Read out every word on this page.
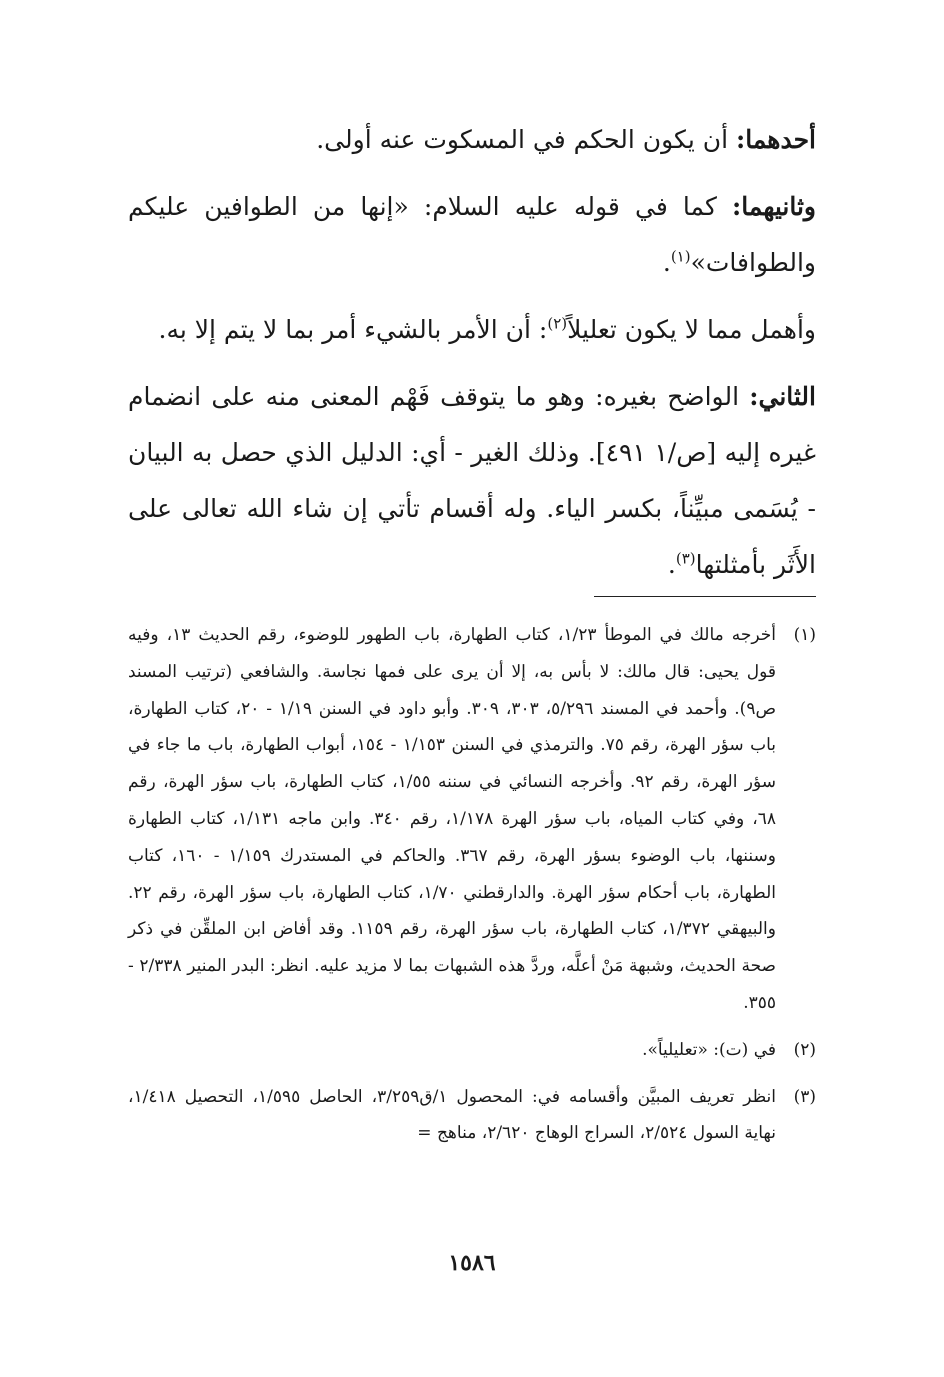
أحدهما: أن يكون الحكم في المسكوت عنه أولى.

وثانيهما: كما في قوله عليه السلام: «إنها من الطوافين عليكم والطوافات»$^{(١)}$.

وأهمل مما لا يكون تعليلاً$^{(٢)}$: أن الأمر بالشيء أمر بما لا يتم إلا به.

الثاني: الواضح بغيره: وهو ما يتوقف فَهْم المعنى منه على انضمام غيره إليه [ص/١ ٤٩١]. وذلك الغير - أي: الدليل الذي حصل به البيان - يُسَمى مبيِّناً، بكسر الياء. وله أقسام تأتي إن شاء الله تعالى على الأَثَر بأمثلتها$^{(٣)}$.

(١)
أخرجه مالك في الموطأ ١/٢٣، كتاب الطهارة، باب الطهور للوضوء، رقم الحديث ١٣، وفيه قول يحيى: قال مالك: لا بأس به، إلا أن يرى على فمها نجاسة. والشافعي (ترتيب المسند ص٩). وأحمد في المسند ٥/٢٩٦، ٣٠٣، ٣٠٩. وأبو داود في السنن ١/١٩ - ٢٠، كتاب الطهارة، باب سؤر الهرة، رقم ٧٥. والترمذي في السنن ١/١٥٣ - ١٥٤، أبواب الطهارة، باب ما جاء في سؤر الهرة، رقم ٩٢. وأخرجه النسائي في سننه ١/٥٥، كتاب الطهارة، باب سؤر الهرة، رقم ٦٨، وفي كتاب المياه، باب سؤر الهرة ١/١٧٨، رقم ٣٤٠. وابن ماجه ١/١٣١، كتاب الطهارة وسننها، باب الوضوء بسؤر الهرة، رقم ٣٦٧. والحاكم في المستدرك ١/١٥٩ - ١٦٠، كتاب الطهارة، باب أحكام سؤر الهرة. والدارقطني ١/٧٠، كتاب الطهارة، باب سؤر الهرة، رقم ٢٢. والبيهقي ١/٣٧٢، كتاب الطهارة، باب سؤر الهرة، رقم ١١٥٩. وقد أفاض ابن الملقِّن في ذكر صحة الحديث، وشبهة مَنْ أعلَّه، وردَّ هذه الشبهات بما لا مزيد عليه. انظر: البدر المنير ٢/٣٣٨ - ٣٥٥.
(٢)
في (ت): «تعليلياً».
(٣)
انظر تعريف المبيَّن وأقسامه في: المحصول ١/ق٣/٢٥٩، الحاصل ١/٥٩٥، التحصيل ١/٤١٨، نهاية السول ٢/٥٢٤، السراج الوهاج ٢/٦٢٠، مناهج =
١٥٨٦
